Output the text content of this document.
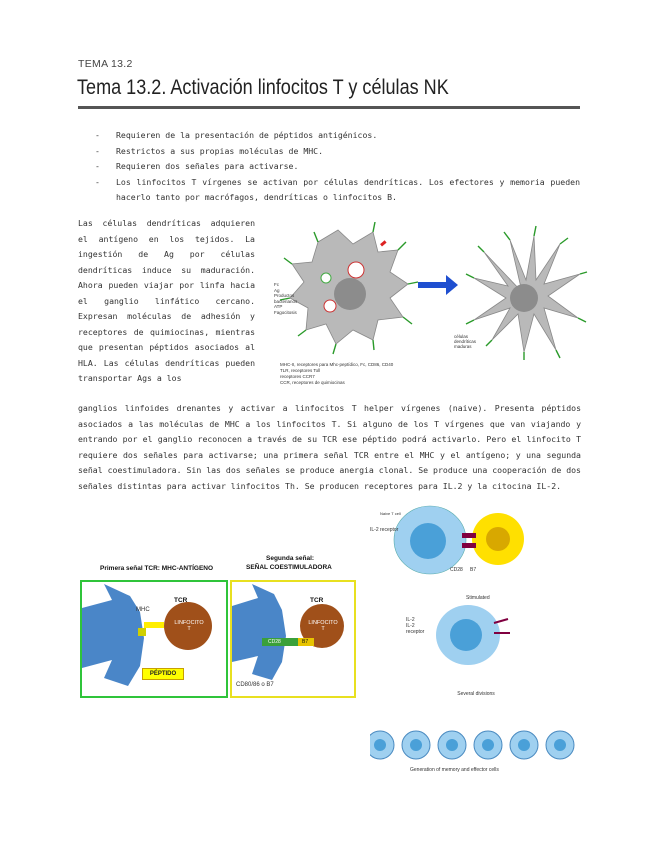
TEMA 13.2
Tema 13.2. Activación linfocitos T y células NK
- Requieren de la presentación de péptidos antigénicos.
- Restrictos a sus propias moléculas de MHC.
- Requieren dos señales para activarse.
- Los linfocitos T vírgenes se activan por células dendríticas. Los efectores y memoria pueden hacerlo tanto por macrófagos, dendríticas o linfocitos B.
Las células dendríticas adquieren el antígeno en los tejidos. La ingestión de Ag por células dendríticas induce su maduración. Ahora pueden viajar por linfa hacia el ganglio linfático cercano. Expresan moléculas de adhesión y receptores de quimiocinas, mientras que presentan péptidos asociados al HLA. Las células dendríticas pueden transportar Ags a los
Fc
Ag
Productos bacterianos
ATP
Fagocitosis
células dendríticas maduras
MHC-II, receptores para Mhc-peptídico, Fc, CD86, CD40
TLR, receptores Toll
receptores CCR7
CCR, receptores de quimiocinas
ganglios linfoides drenantes y activar a linfocitos T helper vírgenes (naive). Presenta péptidos asociados a las moléculas de MHC a los linfocitos T. Si alguno de los T vírgenes que van viajando y entrando por el ganglio reconocen a través de su TCR ese péptido podrá activarlo. Pero el linfocito T requiere dos señales para activarse; una primera señal TCR entre el MHC y el antígeno; y una segunda señal coestimuladora. Sin las dos señales se produce anergia clonal. Se produce una cooperación de dos señales distintas para activar linfocitos Th. Se producen receptores para IL.2 y la citocina IL-2.
Primera señal TCR: MHC-ANTÍGENO
MHC
TCR
LINFOCITO T
PÉPTIDO
Segunda señal:
SEÑAL COESTIMULADORA
TCR
LINFOCITO T
CD28	B7
CD80/86 o B7
IL-2 receptor
CD28 B7
IL-2
IL-2 receptor
Stimulated
Several divisions
Generation of memory and effector cells
Naive T cell
